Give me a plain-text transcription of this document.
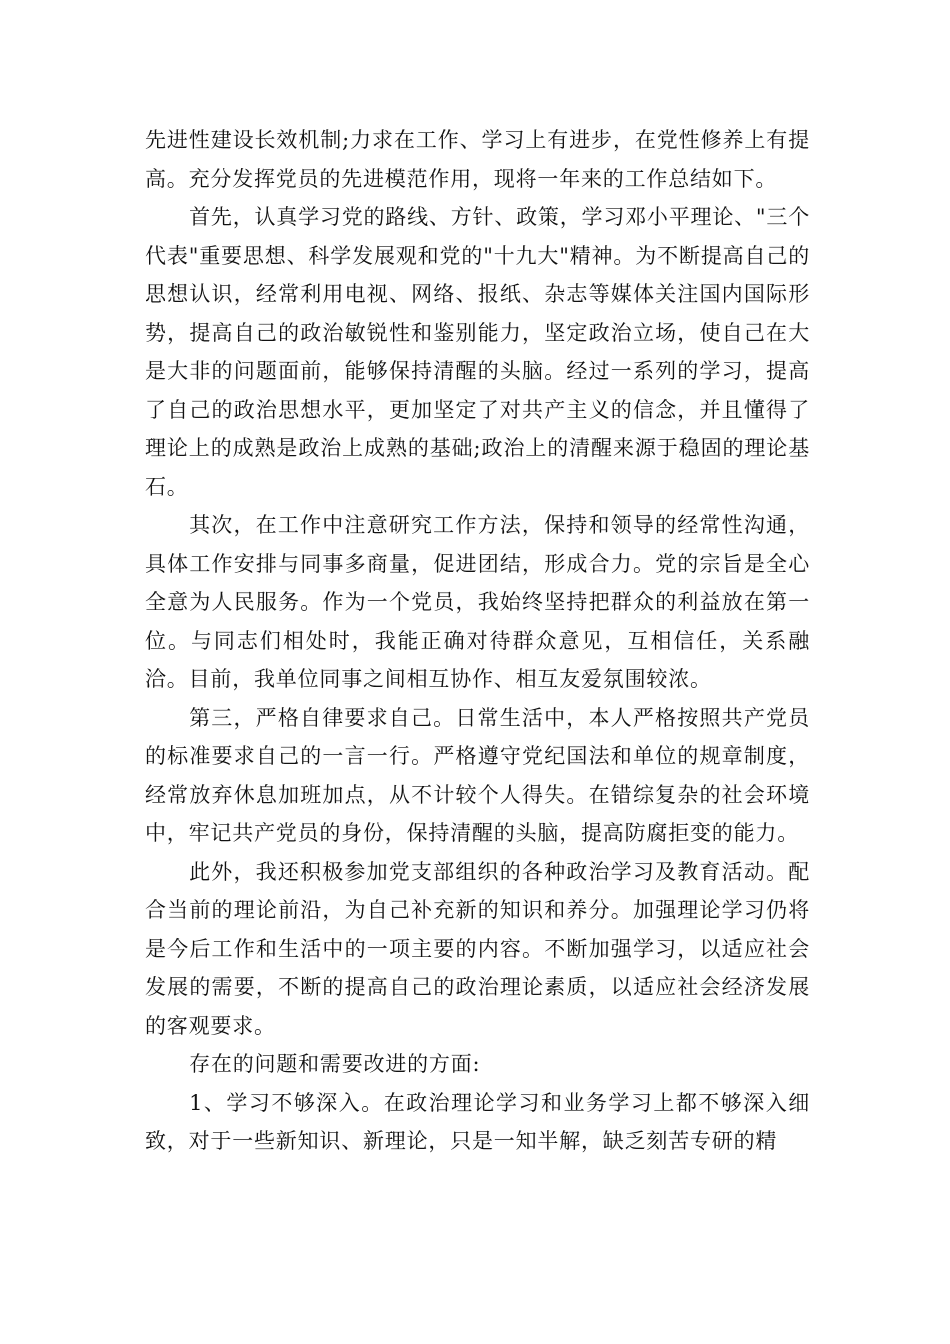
先进性建设长效机制;力求在工作、学习上有进步，在党性修养上有提高。充分发挥党员的先进模范作用，现将一年来的工作总结如下。

首先，认真学习党的路线、方针、政策，学习邓小平理论、"三个代表"重要思想、科学发展观和党的"十九大"精神。为不断提高自己的思想认识，经常利用电视、网络、报纸、杂志等媒体关注国内国际形势，提高自己的政治敏锐性和鉴别能力，坚定政治立场，使自己在大是大非的问题面前，能够保持清醒的头脑。经过一系列的学习，提高了自己的政治思想水平，更加坚定了对共产主义的信念，并且懂得了理论上的成熟是政治上成熟的基础;政治上的清醒来源于稳固的理论基石。

其次，在工作中注意研究工作方法，保持和领导的经常性沟通，具体工作安排与同事多商量，促进团结，形成合力。党的宗旨是全心全意为人民服务。作为一个党员，我始终坚持把群众的利益放在第一位。与同志们相处时，我能正确对待群众意见，互相信任，关系融洽。目前，我单位同事之间相互协作、相互友爱氛围较浓。

第三，严格自律要求自己。日常生活中，本人严格按照共产党员的标准要求自己的一言一行。严格遵守党纪国法和单位的规章制度，经常放弃休息加班加点，从不计较个人得失。在错综复杂的社会环境中，牢记共产党员的身份，保持清醒的头脑，提高防腐拒变的能力。

此外，我还积极参加党支部组织的各种政治学习及教育活动。配合当前的理论前沿，为自己补充新的知识和养分。加强理论学习仍将是今后工作和生活中的一项主要的内容。不断加强学习，以适应社会发展的需要，不断的提高自己的政治理论素质，以适应社会经济发展的客观要求。

存在的问题和需要改进的方面:

1、学习不够深入。在政治理论学习和业务学习上都不够深入细致，对于一些新知识、新理论，只是一知半解，缺乏刻苦专研的精
